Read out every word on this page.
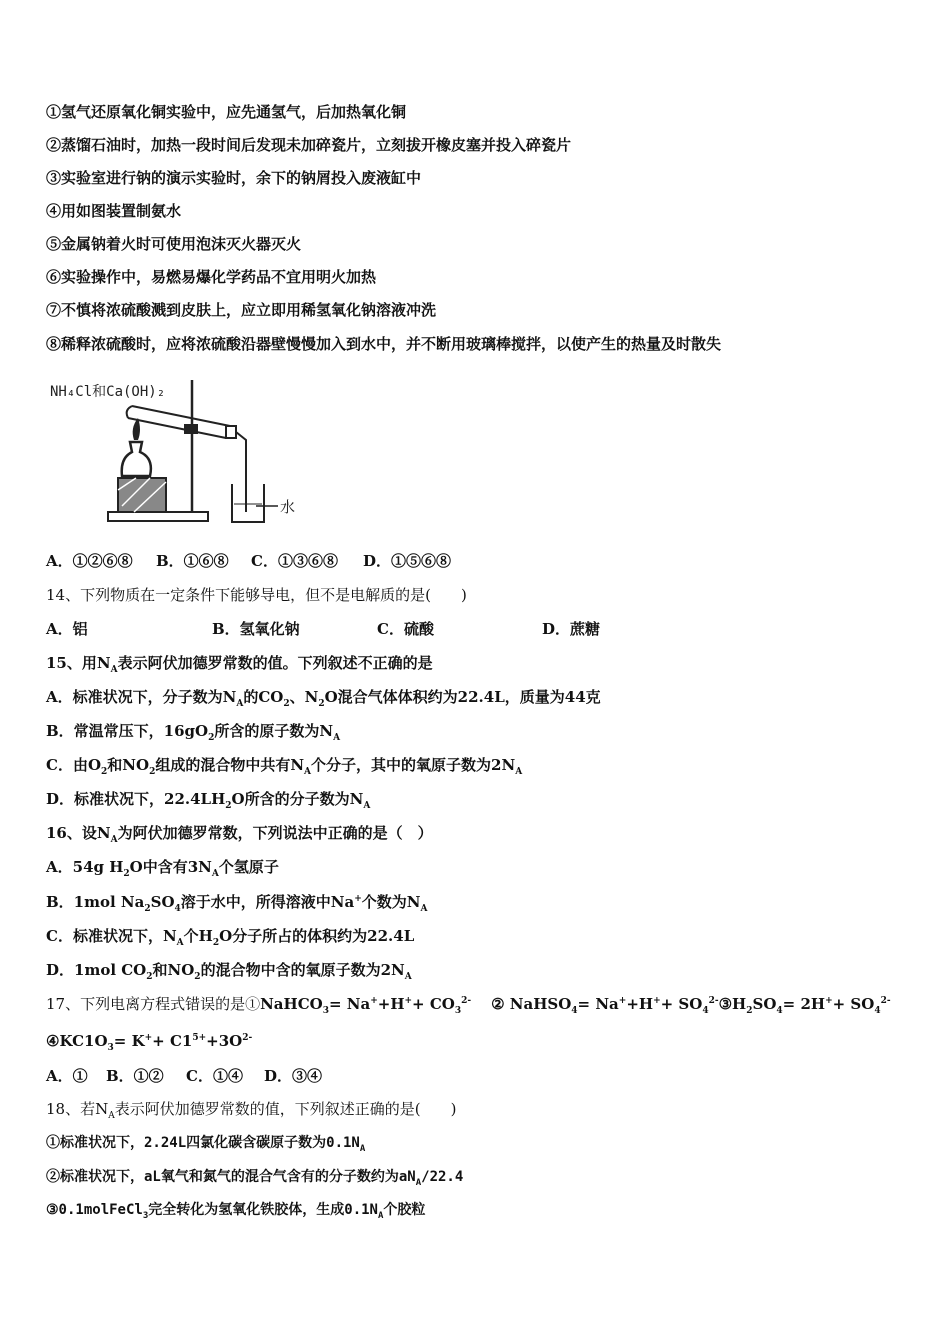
①氢气还原氧化铜实验中，应先通氢气，后加热氧化铜
②蒸馏石油时，加热一段时间后发现未加碎瓷片，立刻拔开橡皮塞并投入碎瓷片
③实验室进行钠的演示实验时，余下的钠屑投入废液缸中
④用如图装置制氨水
⑤金属钠着火时可使用泡沫灭火器灭火
⑥实验操作中，易燃易爆化学药品不宜用明火加热
⑦不慎将浓硫酸溅到皮肤上，应立即用稀氢氧化钠溶液冲洗
⑧稀释浓硫酸时，应将浓硫酸沿器壁慢慢加入到水中，并不断用玻璃棒搅拌，以使产生的热量及时散失
NH₄Cl和Ca(OH)₂
水
A．①②⑥⑧ B．①⑥⑧ C．①③⑥⑧ D．①⑤⑥⑧
14、下列物质在一定条件下能够导电，但不是电解质的是(　　)
A．铝	B．氢氧化钠	C．硫酸	D．蔗糖
15、用$N_A$表示阿伏加德罗常数的值。下列叙述不正确的是
A．标准状况下，分子数为$N_A$的$CO_2$、$N_2O$混合气体体积约为22.4L，质量为44克
B．常温常压下，$16gO_2$所含的原子数为$N_A$
C．由$O_2$和$NO_2$组成的混合物中共有$N_A$个分子，其中的氧原子数为$2N_A$
D．标准状况下，$22.4LH_2O$所含的分子数为$N_A$
16、设$N_A$为阿伏加德罗常数，下列说法中正确的是（　）
A．54g $H_2O$中含有$3N_A$个氢原子
B．1mol $Na_2SO_4$溶于水中，所得溶液中Na+个数为$N_A$
C．标准状况下，$N_A$个$H_2O$分子所占的体积约为22.4L
D．1mol $CO_2$和$NO_2$的混合物中含的氧原子数为$2N_A$
17、下列电离方程式错误的是①NaHCO$_3$= $Na^++H^++ CO_3^{2-}$ ② NaHSO$_4$= $Na^++H^++ SO_4^{2-}③H_2SO_4= 2H^++ SO_4^{2-}$
$④KC1O_3= K^++ C1^{5+}+3O^{2-}$
A．① B．①② C．①④ D．③④
18、若$N_A$表示阿伏加德罗常数的值，下列叙述正确的是(　　)
①标准状况下，2.24L四氯化碳含碳原子数为$0.1N_A$
②标准状况下，aL氧气和氮气的混合气含有的分子数约为$aN_A/22.4$
③0.1molFeCl$_3$完全转化为氢氧化铁胶体，生成$0.1N_A$个胶粒
